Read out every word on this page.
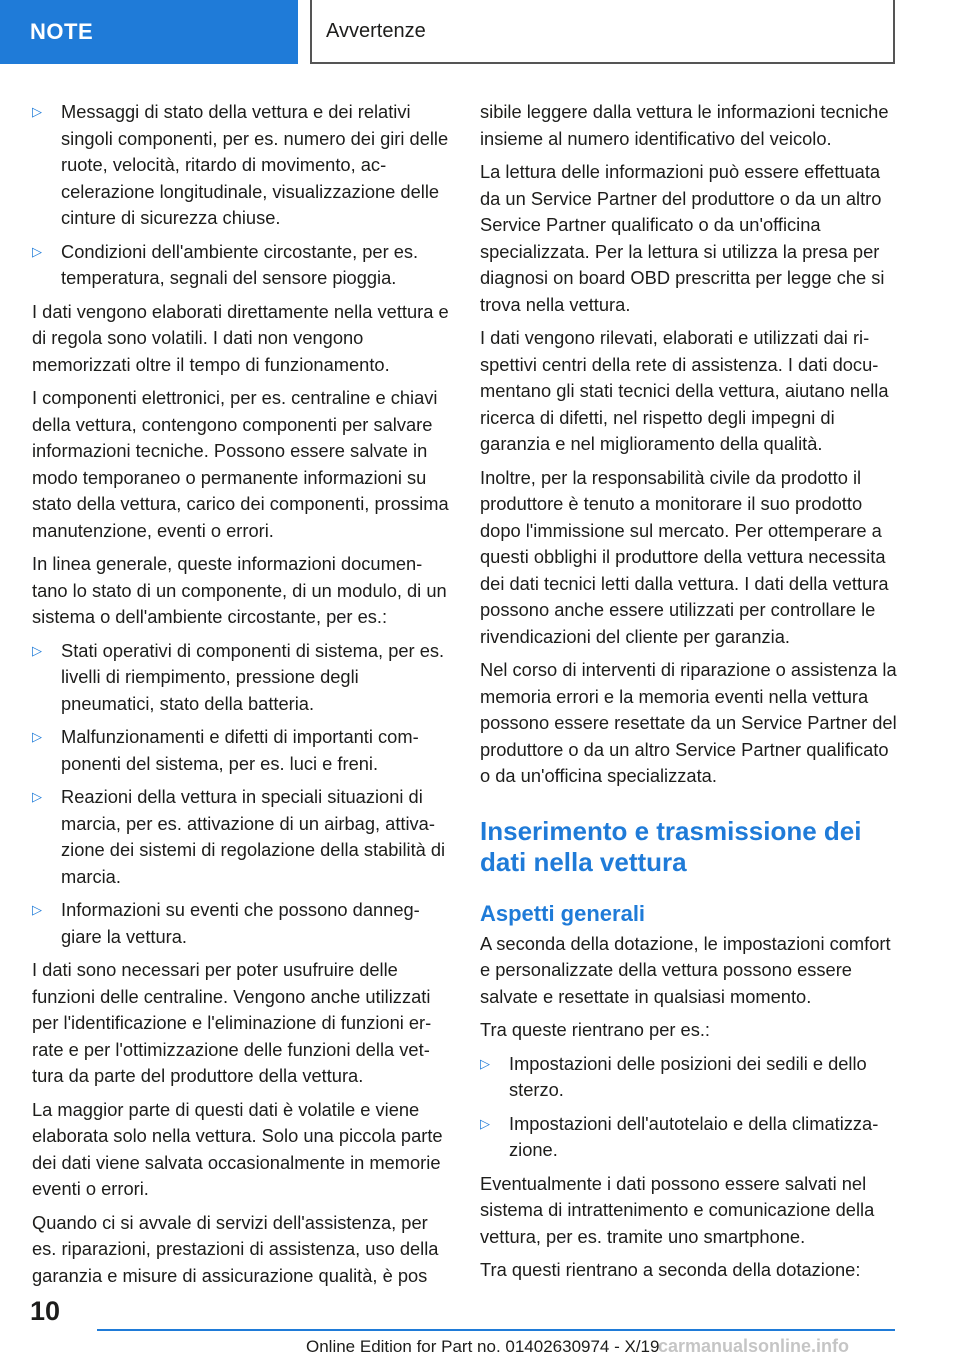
NOTE	Avvertenze
▷ Messaggi di stato della vettura e dei relativi singoli componenti, per es. numero dei giri delle ruote, velocità, ritardo di movimento, accelerazione longitudinale, visualizzazione delle cinture di sicurezza chiuse.
▷ Condizioni dell'ambiente circostante, per es. temperatura, segnali del sensore pioggia.
I dati vengono elaborati direttamente nella vettura e di regola sono volatili. I dati non vengono memorizzati oltre il tempo di funzionamento.
I componenti elettronici, per es. centraline e chiavi della vettura, contengono componenti per salvare informazioni tecniche. Possono essere salvate in modo temporaneo o permanente informazioni su stato della vettura, carico dei componenti, prossima manutenzione, eventi o errori.
In linea generale, queste informazioni documentano lo stato di un componente, di un modulo, di un sistema o dell'ambiente circostante, per es.:
▷ Stati operativi di componenti di sistema, per es. livelli di riempimento, pressione degli pneumatici, stato della batteria.
▷ Malfunzionamenti e difetti di importanti componenti del sistema, per es. luci e freni.
▷ Reazioni della vettura in speciali situazioni di marcia, per es. attivazione di un airbag, attivazione dei sistemi di regolazione della stabilità di marcia.
▷ Informazioni su eventi che possono danneggiare la vettura.
I dati sono necessari per poter usufruire delle funzioni delle centraline. Vengono anche utilizzati per l'identificazione e l'eliminazione di funzioni errate e per l'ottimizzazione delle funzioni della vettura da parte del produttore della vettura.
La maggior parte di questi dati è volatile e viene elaborata solo nella vettura. Solo una piccola parte dei dati viene salvata occasionalmente in memorie eventi o errori.
Quando ci si avvale di servizi dell'assistenza, per es. riparazioni, prestazioni di assistenza, uso della garanzia e misure di assicurazione qualità, è pos
sibile leggere dalla vettura le informazioni tecniche insieme al numero identificativo del veicolo.
La lettura delle informazioni può essere effettuata da un Service Partner del produttore o da un altro Service Partner qualificato o da un'officina specializzata. Per la lettura si utilizza la presa per diagnosi on board OBD prescritta per legge che si trova nella vettura.
I dati vengono rilevati, elaborati e utilizzati dai rispettivi centri della rete di assistenza. I dati documentano gli stati tecnici della vettura, aiutano nella ricerca di difetti, nel rispetto degli impegni di garanzia e nel miglioramento della qualità.
Inoltre, per la responsabilità civile da prodotto il produttore è tenuto a monitorare il suo prodotto dopo l'immissione sul mercato. Per ottemperare a questi obblighi il produttore della vettura necessita dei dati tecnici letti dalla vettura. I dati della vettura possono anche essere utilizzati per controllare le rivendicazioni del cliente per garanzia.
Nel corso di interventi di riparazione o assistenza la memoria errori e la memoria eventi nella vettura possono essere resettate da un Service Partner del produttore o da un altro Service Partner qualificato o da un'officina specializzata.
Inserimento e trasmissione dei dati nella vettura
Aspetti generali
A seconda della dotazione, le impostazioni comfort e personalizzate della vettura possono essere salvate e resettate in qualsiasi momento.
Tra queste rientrano per es.:
▷ Impostazioni delle posizioni dei sedili e dello sterzo.
▷ Impostazioni dell'autotelaio e della climatizzazione.
Eventualmente i dati possono essere salvati nel sistema di intrattenimento e comunicazione della vettura, per es. tramite uno smartphone.
Tra questi rientrano a seconda della dotazione:
10
Online Edition for Part no. 01402630974 - X/19
carmanualsonline.info
